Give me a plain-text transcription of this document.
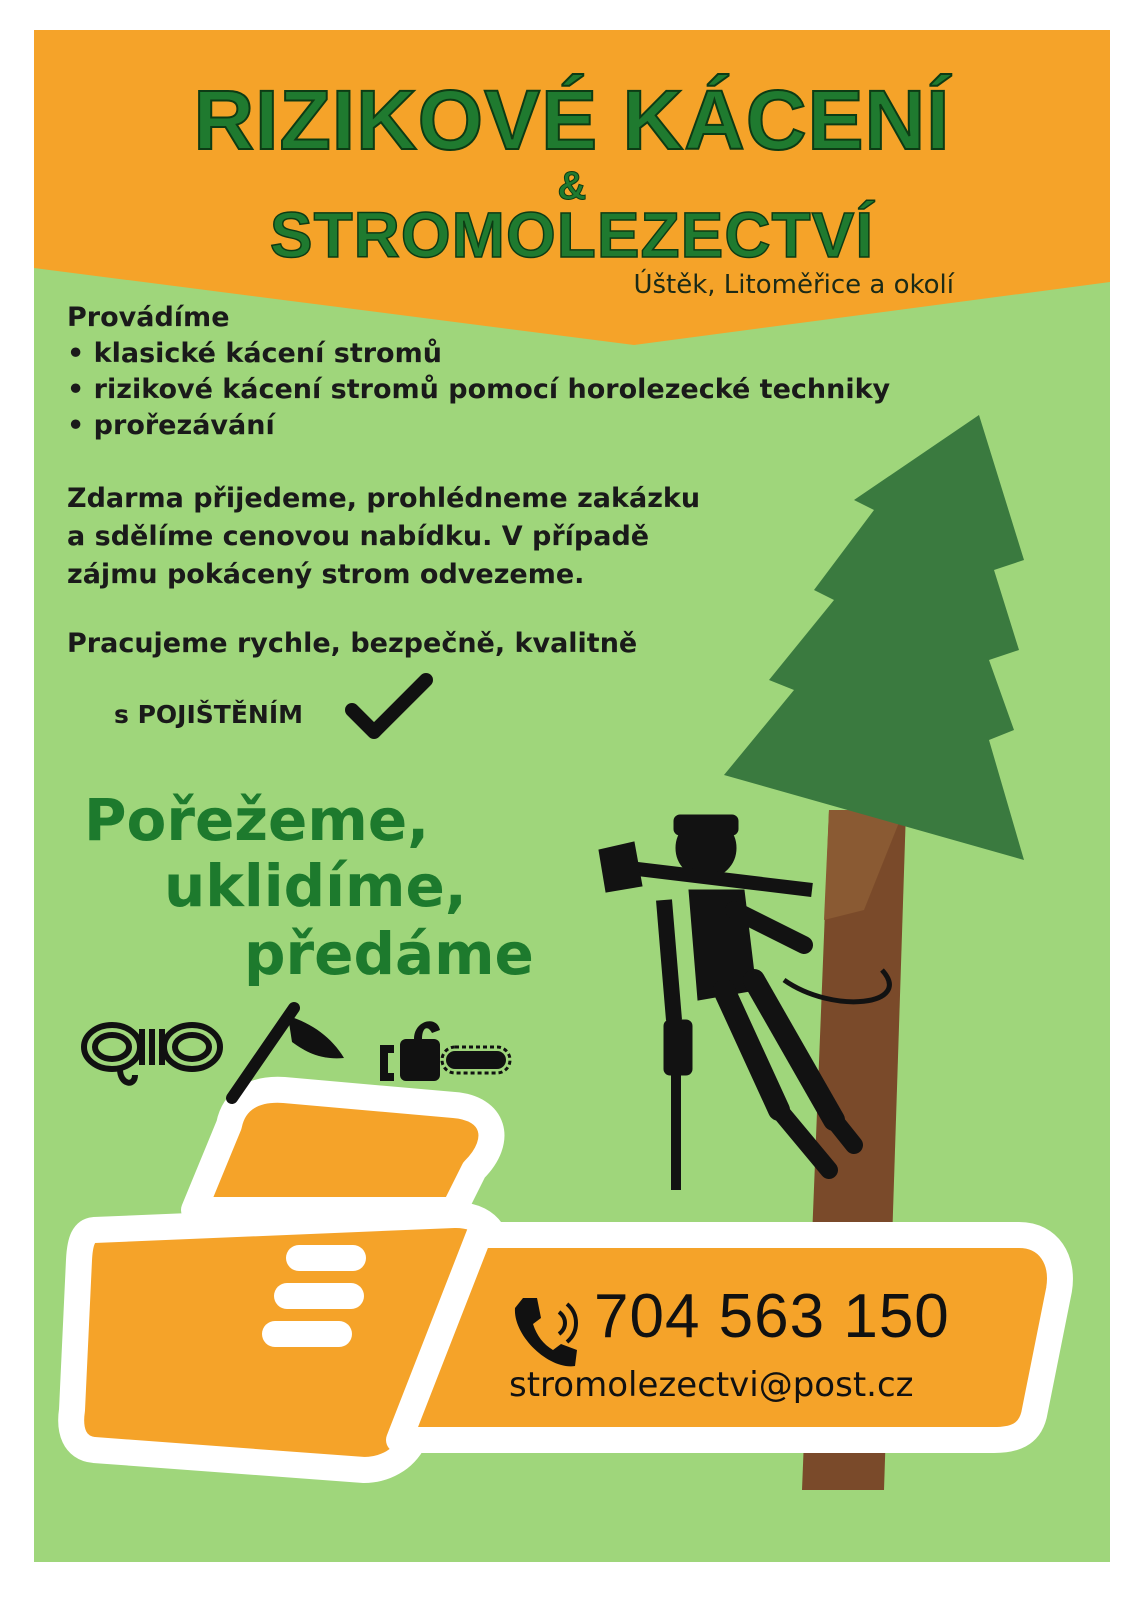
RIZIKOVÉ KÁCENÍ
&
STROMOLEZECTVÍ
Úštěk, Litoměřice a okolí
Provádíme
• klasické kácení stromů
• rizikové kácení stromů pomocí horolezecké techniky
• prořezávání
Zdarma přijedeme, prohlédneme zakázku
a sdělíme cenovou nabídku. V případě
zájmu pokácený strom odvezeme.
Pracujeme rychle, bezpečně, kvalitně
s POJIŠTĚNÍM
Pořežeme,
uklidíme,
předáme
704 563 150
stromolezectvi@post.cz
